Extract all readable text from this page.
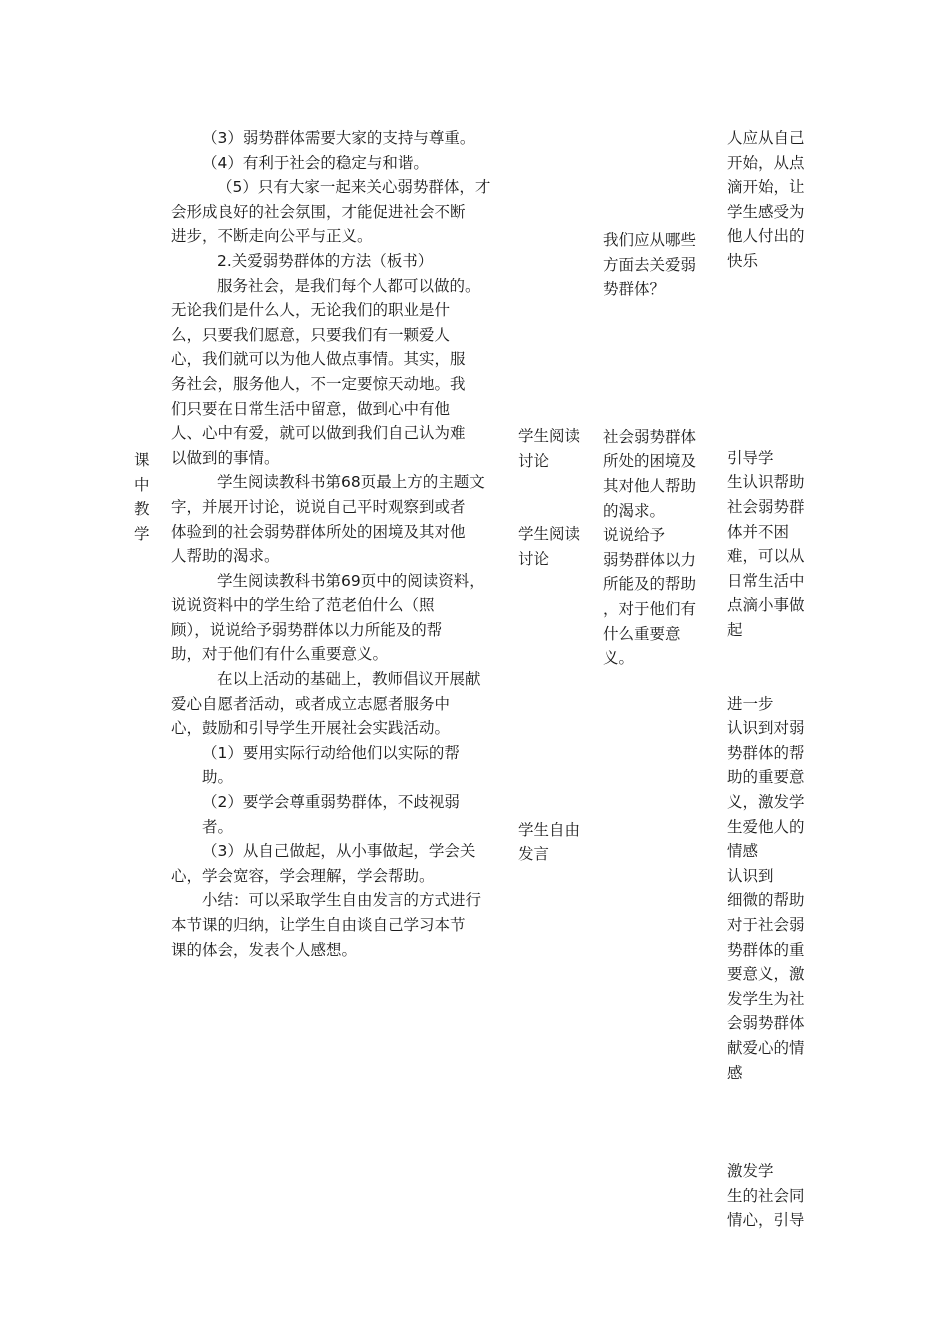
课

中

教

学

（3）弱势群体需要大家的支持与尊重。

（4）有利于社会的稳定与和谐。

（5）只有大家一起来关心弱势群体，才

会形成良好的社会氛围，才能促进社会不断

进步，不断走向公平与正义。

2.关爱弱势群体的方法（板书）

服务社会，是我们每个人都可以做的。

无论我们是什么人，无论我们的职业是什

么，只要我们愿意，只要我们有一颗爱人

心，我们就可以为他人做点事情。其实，服

务社会，服务他人，不一定要惊天动地。我

们只要在日常生活中留意，做到心中有他

人、心中有爱，就可以做到我们自己认为难

以做到的事情。

学生阅读教科书第68页最上方的主题文

字，并展开讨论，说说自己平时观察到或者

体验到的社会弱势群体所处的困境及其对他

人帮助的渴求。

学生阅读教科书第69页中的阅读资料，

说说资料中的学生给了范老伯什么（照

顾），说说给予弱势群体以力所能及的帮

助，对于他们有什么重要意义。

在以上活动的基础上，教师倡议开展献

爱心自愿者活动，或者成立志愿者服务中

心，鼓励和引导学生开展社会实践活动。

（1）要用实际行动给他们以实际的帮

助。

（2）要学会尊重弱势群体，不歧视弱

者。

（3）从自己做起，从小事做起，学会关

心，学会宽容，学会理解，学会帮助。

小结：可以采取学生自由发言的方式进行

本节课的归纳，让学生自由谈自己学习本节

课的体会，发表个人感想。

学生阅读

讨论

学生阅读

讨论

学生自由

发言

我们应从哪些

方面去关爱弱

势群体？

社会弱势群体

所处的困境及

其对他人帮助

的渴求。

说说给予

弱势群体以力

所能及的帮助

，对于他们有

什么重要意

义。

人应从自己

开始，从点

滴开始，让

学生感受为

他人付出的

快乐

引导学

生认识帮助

社会弱势群

体并不困

难，可以从

日常生活中

点滴小事做

起

进一步

认识到对弱

势群体的帮

助的重要意

义，激发学

生爱他人的

情感

认识到

细微的帮助

对于社会弱

势群体的重

要意义，激

发学生为社

会弱势群体

献爱心的情

感

激发学

生的社会同

情心，引导
